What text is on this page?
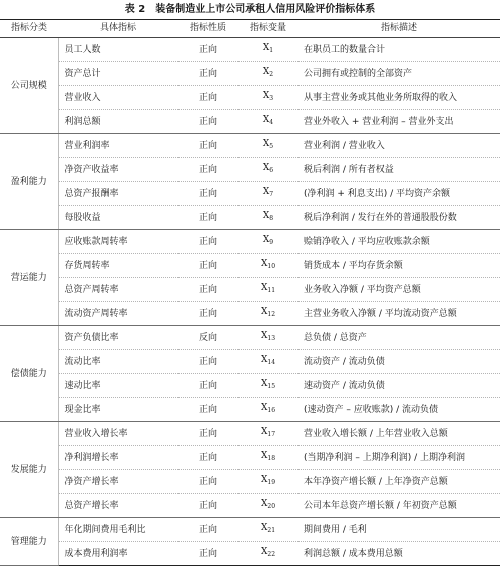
表 2　装备制造业上市公司承租人信用风险评价指标体系
指标分类	具体指标	指标性质	指标变量	指标描述
公司规模	员工人数	正向	$X_1$	在职员工的数量合计
	资产总计	正向	$X_2$	公司拥有或控制的全部资产
	营业收入	正向	$X_3$	从事主营业务或其他业务所取得的收入
	利润总额	正向	$X_4$	营业外收入 + 营业利润 – 营业外支出
盈利能力	营业利润率	正向	$X_5$	营业利润 / 营业收入
	净资产收益率	正向	$X_6$	税后利润 / 所有者权益
	总资产报酬率	正向	$X_7$	(净利润 + 利息支出) / 平均资产余额
	每股收益	正向	$X_8$	税后净利润 / 发行在外的普通股股份数
营运能力	应收账款周转率	正向	$X_9$	赊销净收入 / 平均应收账款余额
	存货周转率	正向	$X_{10}$	销货成本 / 平均存货余额
	总资产周转率	正向	$X_{11}$	业务收入净额 / 平均资产总额
	流动资产周转率	正向	$X_{12}$	主营业务收入净额 / 平均流动资产总额
偿债能力	资产负债比率	反向	$X_{13}$	总负债 / 总资产
	流动比率	正向	$X_{14}$	流动资产 / 流动负债
	速动比率	正向	$X_{15}$	速动资产 / 流动负债
	现金比率	正向	$X_{16}$	(速动资产 – 应收账款) / 流动负债
发展能力	营业收入增长率	正向	$X_{17}$	营业收入增长额 / 上年营业收入总额
	净利润增长率	正向	$X_{18}$	(当期净利润 – 上期净利润) / 上期净利润
	净资产增长率	正向	$X_{19}$	本年净资产增长额 / 上年净资产总额
	总资产增长率	正向	$X_{20}$	公司本年总资产增长额 / 年初资产总额
管理能力	年化期间费用毛利比	正向	$X_{21}$	期间费用 / 毛利
	成本费用利润率	正向	$X_{22}$	利润总额 / 成本费用总额
